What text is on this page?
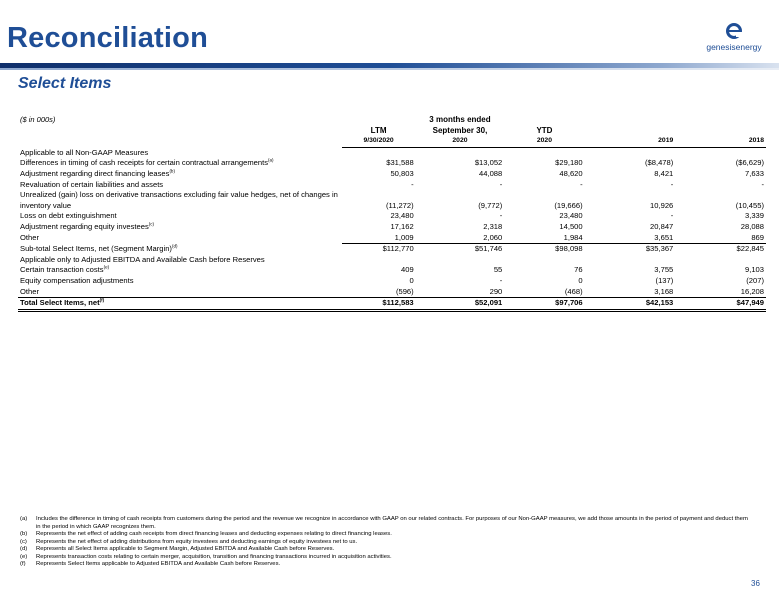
Reconciliation	genesisenergy
Select Items
($ in 000s)		3 months ended			
	LTM	September 30,	YTD		
	9/30/2020	2020	2020	2019	2018
Applicable to all Non-GAAP Measures					
Differences in timing of cash receipts for certain contractual arrangements$^{(a)}$	$31,588	$13,052	$29,180	($8,478)	($6,629)
Adjustment regarding direct financing leases$^{(b)}$	50,803	44,088	48,620	8,421	7,633
Revaluation of certain liabilities and assets	-	-	-	-	-
Unrealized (gain) loss on derivative transactions excluding fair value hedges, net of changes in inventory value	(11,272)	(9,772)	(19,666)	10,926	(10,455)
Loss on debt extinguishment	23,480	-	23,480	-	3,339
Adjustment regarding equity investees$^{(c)}$	17,162	2,318	14,500	20,847	28,088
Other	1,009	2,060	1,984	3,651	869
Sub-total Select Items, net (Segment Margin)$^{(d)}$	$112,770	$51,746	$98,098	$35,367	$22,845
Applicable only to Adjusted EBITDA and Available Cash before Reserves					
Certain transaction costs$^{(e)}$	409	55	76	3,755	9,103
Equity compensation adjustments	0	-	0	(137)	(207)
Other	(596)	290	(468)	3,168	16,208
Total Select Items, net$^{(f)}$	$112,583	$52,091	$97,706	$42,153	$47,949
(a)	Includes the difference in timing of cash receipts from customers during the period and the revenue we recognize in accordance with GAAP on our related contracts. For purposes of our Non-GAAP measures, we add those amounts in the period of payment and deduct them in the period in which GAAP recognizes them.
(b)	Represents the net effect of adding cash receipts from direct financing leases and deducting expenses relating to direct financing leases.
(c)	Represents the net effect of adding distributions from equity investees and deducting earnings of equity investees net to us.
(d)	Represents all Select Items applicable to Segment Margin, Adjusted EBITDA and Available Cash before Reserves.
(e)	Represents transaction costs relating to certain merger, acquisition, transition and financing transactions incurred in acquisition activities.
(f)	Represents Select Items applicable to Adjusted EBITDA and Available Cash before Reserves.
36
